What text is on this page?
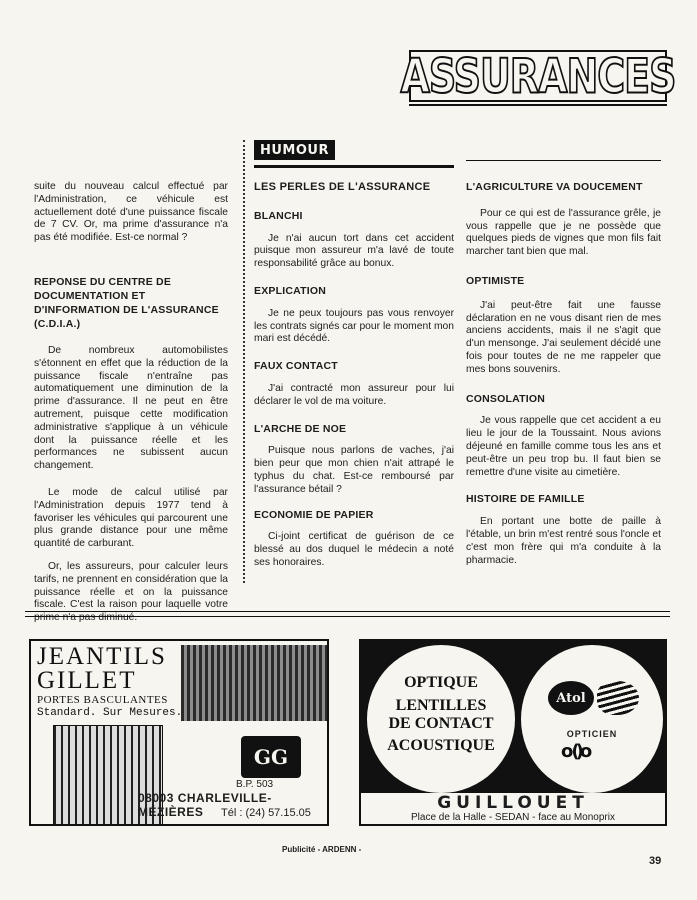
ASSURANCES
HUMOUR

suite du nouveau calcul effectué par l'Administration, ce véhicule est actuellement doté d'une puissance fiscale de 7 CV. Or, ma prime d'assurance n'a pas été modifiée. Est-ce normal ?

REPONSE DU CENTRE DE DOCUMENTATION ET D'INFORMATION DE L'ASSURANCE (C.D.I.A.)

De nombreux automobilistes s'étonnent en effet que la réduction de la puissance fiscale n'entraîne pas automatiquement une diminution de la prime d'assurance. Il ne peut en être autrement, puisque cette modification administrative s'applique à un véhicule dont la puissance réelle et les performances ne subissent aucun changement.

Le mode de calcul utilisé par l'Administration depuis 1977 tend à favoriser les véhicules qui parcourent une plus grande distance pour une même quantité de carburant.

Or, les assureurs, pour calculer leurs tarifs, ne prennent en considération que la puissance réelle et on la puissance fiscale. C'est la raison pour laquelle votre prime n'a pas diminué.

LES PERLES DE L'ASSURANCE
BLANCHI

Je n'ai aucun tort dans cet accident puisque mon assureur m'a lavé de toute responsabilité grâce au bonux.

EXPLICATION

Je ne peux toujours pas vous renvoyer les contrats signés car pour le moment mon mari est décédé.

FAUX CONTACT

J'ai contracté mon assureur pour lui déclarer le vol de ma voiture.

L'ARCHE DE NOE

Puisque nous parlons de vaches, j'ai bien peur que mon chien n'ait attrapé le typhus du chat. Est-ce remboursé par l'assurance bétail ?

ECONOMIE DE PAPIER

Ci-joint certificat de guérison de ce blessé au dos duquel le médecin a noté ses honoraires.

L'AGRICULTURE VA DOUCEMENT

Pour ce qui est de l'assurance grêle, je vous rappelle que je ne possède que quelques pieds de vignes que mon fils fait marcher tant bien que mal.

OPTIMISTE

J'ai peut-être fait une fausse déclaration en ne vous disant rien de mes anciens accidents, mais il ne s'agit que d'un mensonge. J'ai seulement décidé une fois pour toutes de ne me rappeler que mes bons souvenirs.

CONSOLATION

Je vous rappelle que cet accident a eu lieu le jour de la Toussaint. Nous avions déjeuné en famille comme tous les ans et peut-être un peu trop bu. Il faut bien se remettre d'une visite au cimetière.

HISTOIRE DE FAMILLE

En portant une botte de paille à l'étable, un brin m'est rentré sous l'oncle et c'est mon frère qui m'a conduite à la pharmacie.

JEANTILS
GILLET
PORTES BASCULANTES
Standard. Sur Mesures.
GG
B.P. 503
08003 CHARLEVILLE-MÉZIÈRES	Tél : (24) 57.15.05
OPTIQUE
LENTILLES
DE CONTACT
ACOUSTIQUE
Atol
OPTICIEN
o()o
GUILLOUET
Place de la Halle - SEDAN - face au Monoprix
Publicité - ARDENN -
39
